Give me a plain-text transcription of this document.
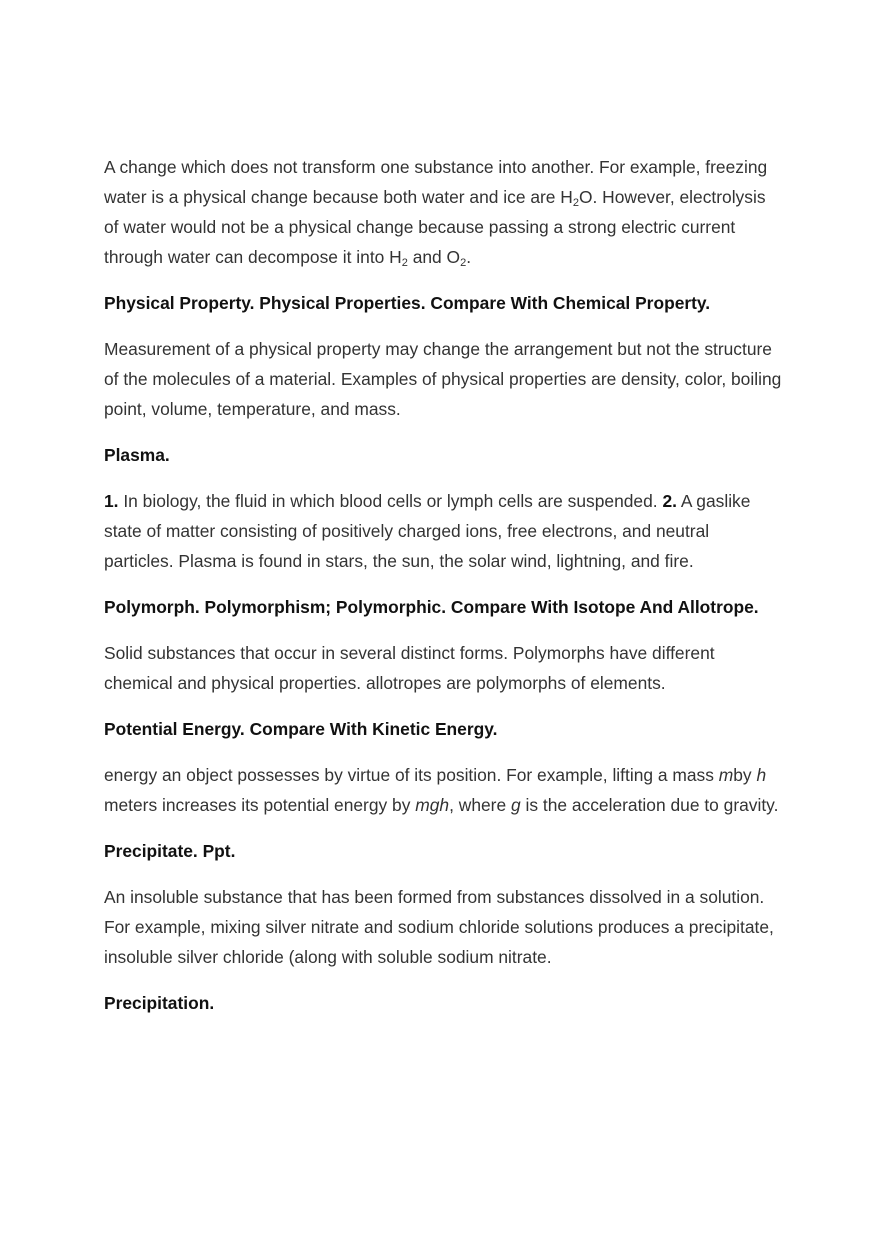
A change which does not transform one substance into another. For example, freezing
water is a physical change because both water and ice are $H_2O$. However, electrolysis
of water would not be a physical change because passing a strong electric current
through water can decompose it into $H_2$ and $O_2$.
Physical Property. Physical Properties. Compare With Chemical Property.
Measurement of a physical property may change the arrangement but not the structure
of the molecules of a material. Examples of physical properties are density, color, boiling
point, volume, temperature, and mass.
Plasma.
1. In biology, the fluid in which blood cells or lymph cells are suspended. 2. A gaslike
state of matter consisting of positively charged ions, free electrons, and neutral
particles. Plasma is found in stars, the sun, the solar wind, lightning, and fire.
Polymorph. Polymorphism; Polymorphic. Compare With Isotope And Allotrope.
Solid substances that occur in several distinct forms. Polymorphs have different
chemical and physical properties. allotropes are polymorphs of elements.
Potential Energy. Compare With Kinetic Energy.
energy an object possesses by virtue of its position. For example, lifting a mass mby h
meters increases its potential energy by mgh, where g is the acceleration due to gravity.
Precipitate. Ppt.
An insoluble substance that has been formed from substances dissolved in a solution.
For example, mixing silver nitrate and sodium chloride solutions produces a precipitate,
insoluble silver chloride (along with soluble sodium nitrate.
Precipitation.
